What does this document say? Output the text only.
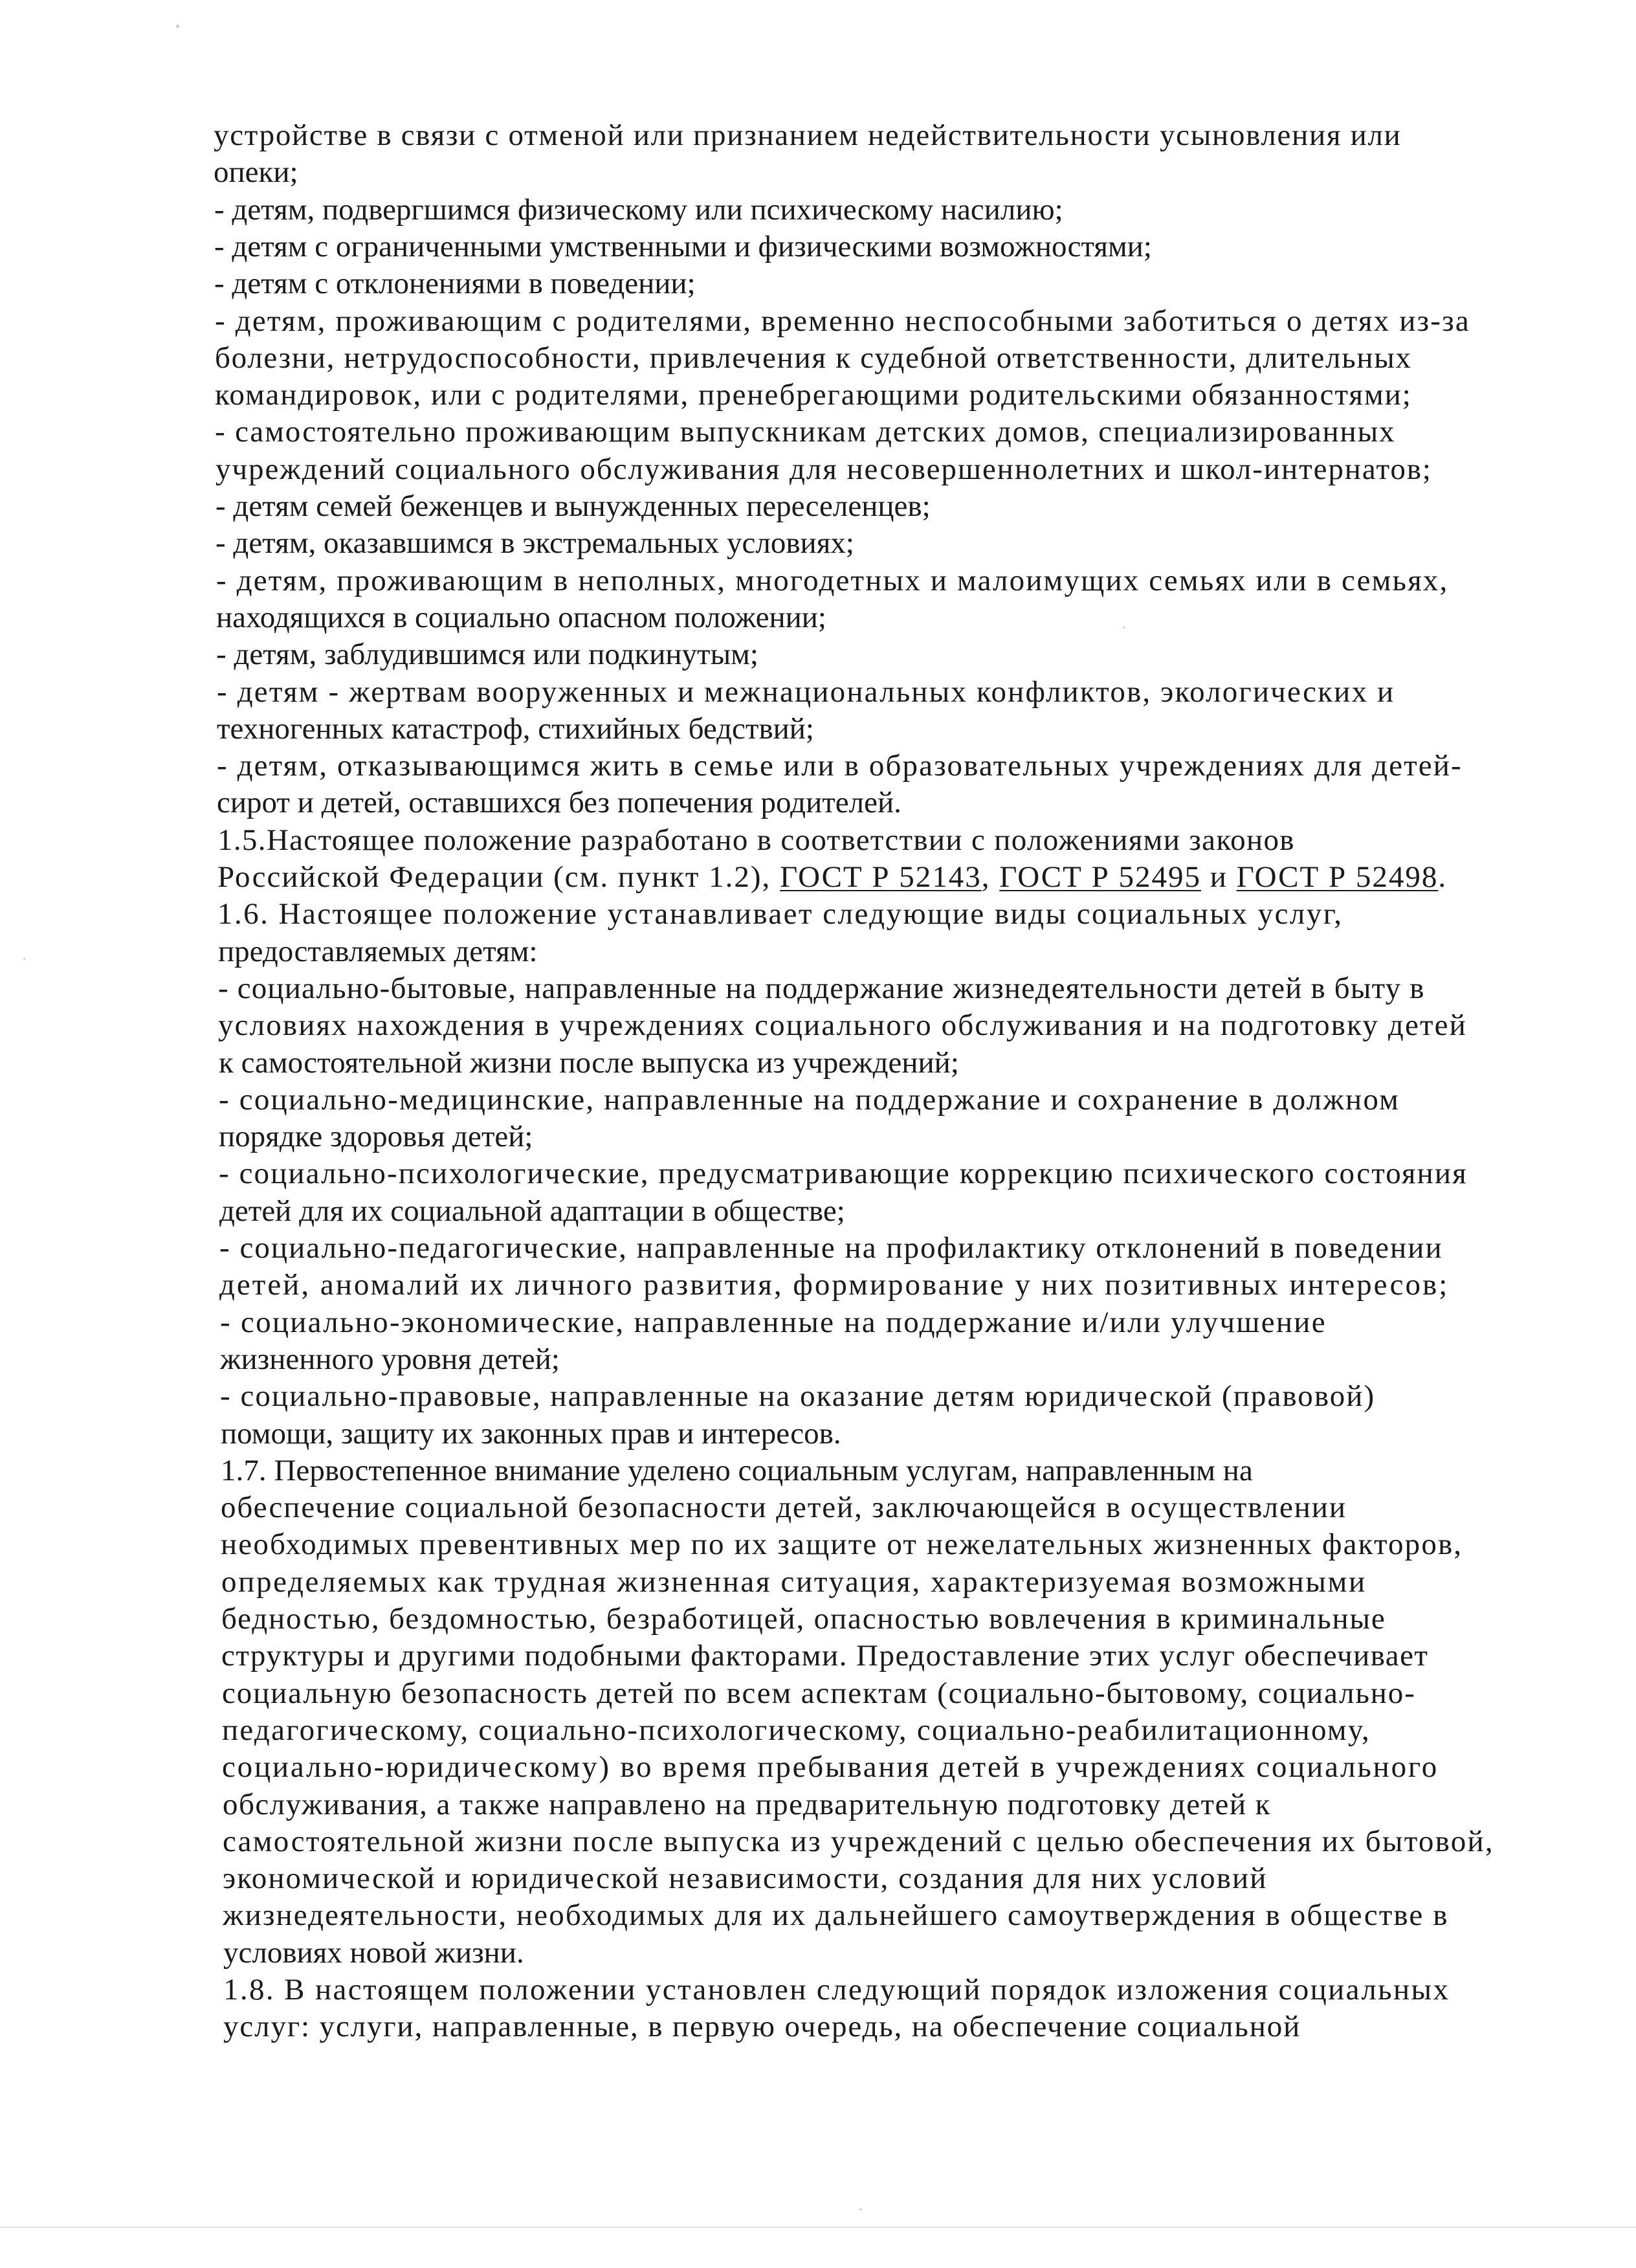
устройстве в связи с отменой или признанием недействительности усыновления или
опеки;
- детям, подвергшимся физическому или психическому насилию;
- детям с ограниченными умственными и физическими возможностями;
- детям с отклонениями в поведении;
- детям, проживающим с родителями, временно неспособными заботиться о детях из-за
болезни, нетрудоспособности, привлечения к судебной ответственности, длительных
командировок, или с родителями, пренебрегающими родительскими обязанностями;
- самостоятельно проживающим выпускникам детских домов, специализированных
учреждений социального обслуживания для несовершеннолетних и школ-интернатов;
- детям семей беженцев и вынужденных переселенцев;
- детям, оказавшимся в экстремальных условиях;
- детям, проживающим в неполных, многодетных и малоимущих семьях или в семьях,
находящихся в социально опасном положении;
- детям, заблудившимся или подкинутым;
- детям - жертвам вооруженных и межнациональных конфликтов, экологических и
техногенных катастроф, стихийных бедствий;
- детям, отказывающимся жить в семье или в образовательных учреждениях для детей-
сирот и детей, оставшихся без попечения родителей.
1.5.Настоящее положение разработано в соответствии с положениями законов
Российской Федерации (см. пункт 1.2), ГОСТ Р 52143, ГОСТ Р 52495 и ГОСТ Р 52498.
1.6. Настоящее положение устанавливает следующие виды социальных услуг,
предоставляемых детям:
- социально-бытовые, направленные на поддержание жизнедеятельности детей в быту в
условиях нахождения в учреждениях социального обслуживания и на подготовку детей
к самостоятельной жизни после выпуска из учреждений;
- социально-медицинские, направленные на поддержание и сохранение в должном
порядке здоровья детей;
- социально-психологические, предусматривающие коррекцию психического состояния
детей для их социальной адаптации в обществе;
- социально-педагогические, направленные на профилактику отклонений в поведении
детей, аномалий их личного развития, формирование у них позитивных интересов;
- социально-экономические, направленные на поддержание и/или улучшение
жизненного уровня детей;
- социально-правовые, направленные на оказание детям юридической (правовой)
помощи, защиту их законных прав и интересов.
1.7. Первостепенное внимание уделено социальным услугам, направленным на
обеспечение социальной безопасности детей, заключающейся в осуществлении
необходимых превентивных мер по их защите от нежелательных жизненных факторов,
определяемых как трудная жизненная ситуация, характеризуемая возможными
бедностью, бездомностью, безработицей, опасностью вовлечения в криминальные
структуры и другими подобными факторами. Предоставление этих услуг обеспечивает
социальную безопасность детей по всем аспектам (социально-бытовому, социально-
педагогическому, социально-психологическому, социально-реабилитационному,
социально-юридическому) во время пребывания детей в учреждениях социального
обслуживания, а также направлено на предварительную подготовку детей к
самостоятельной жизни после выпуска из учреждений с целью обеспечения их бытовой,
экономической и юридической независимости, создания для них условий
жизнедеятельности, необходимых для их дальнейшего самоутверждения в обществе в
условиях новой жизни.
1.8. В настоящем положении установлен следующий порядок изложения социальных
услуг: услуги, направленные, в первую очередь, на обеспечение социальной
